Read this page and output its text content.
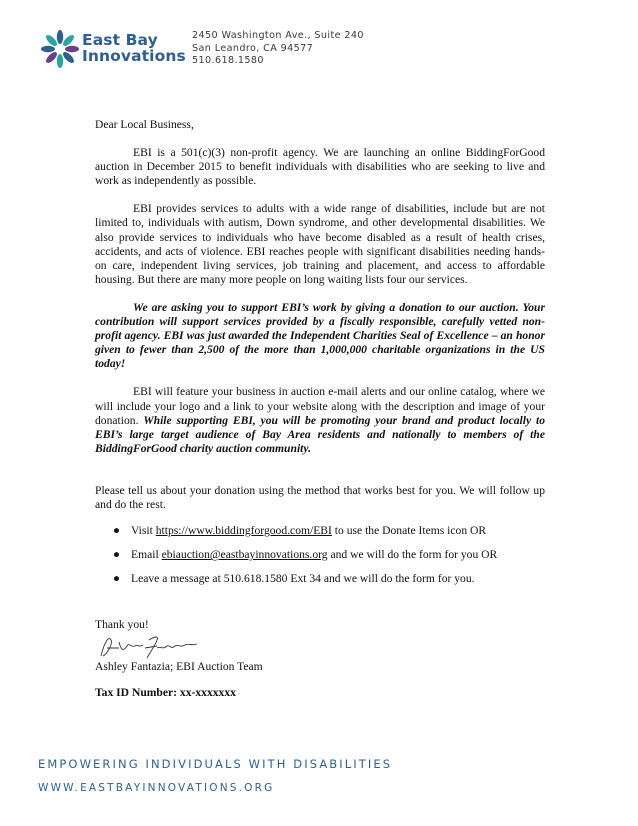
East Bay
Innovations
2450 Washington Ave., Suite 240
San Leandro, CA 94577
510.618.1580

Dear Local Business,

EBI is a 501(c)(3) non-profit agency. We are launching an online BiddingForGood auction in December 2015 to benefit individuals with disabilities who are seeking to live and work as independently as possible.

EBI provides services to adults with a wide range of disabilities, include but are not limited to, individuals with autism, Down syndrome, and other developmental disabilities. We also provide services to individuals who have become disabled as a result of health crises, accidents, and acts of violence. EBI reaches people with significant disabilities needing hands-on care, independent living services, job training and placement, and access to affordable housing. But there are many more people on long waiting lists four our services.

We are asking you to support EBI’s work by giving a donation to our auction. Your contribution will support services provided by a fiscally responsible, carefully vetted non-profit agency. EBI was just awarded the Independent Charities Seal of Excellence – an honor given to fewer than 2,500 of the more than 1,000,000 charitable organizations in the US today!

EBI will feature your business in auction e-mail alerts and our online catalog, where we will include your logo and a link to your website along with the description and image of your donation. While supporting EBI, you will be promoting your brand and product locally to EBI’s large target audience of Bay Area residents and nationally to members of the BiddingForGood charity auction community.

Please tell us about your donation using the method that works best for you. We will follow up and do the rest.

● Visit https://www.biddingforgood.com/EBI to use the Donate Items icon OR
● Email ebiauction@eastbayinnovations.org and we will do the form for you OR
● Leave a message at 510.618.1580 Ext 34 and we will do the form for you.

Thank you!

Ashley Fantazia; EBI Auction Team

Tax ID Number: xx-xxxxxxx

EMPOWERING INDIVIDUALS WITH DISABILITIES
WWW.EASTBAYINNOVATIONS.ORG
